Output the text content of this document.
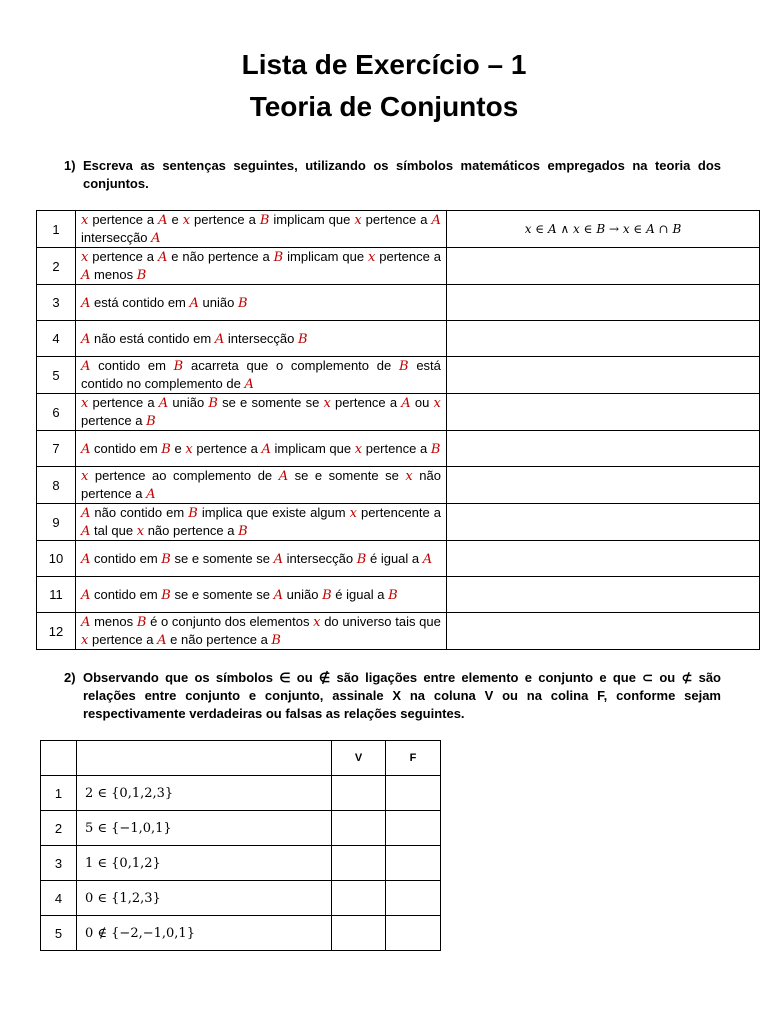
Lista de Exercício – 1
Teoria de Conjuntos
1) Escreva as sentenças seguintes, utilizando os símbolos matemáticos empregados na teoria dos conjuntos.
1	𝑥 pertence a 𝐴 e 𝑥 pertence a 𝐵 implicam que 𝑥 pertence a 𝐴 intersecção 𝐴	𝑥 ∈ 𝐴 ∧ 𝑥 ∈ 𝐵 → 𝑥 ∈ 𝐴 ∩ 𝐵
2	𝑥 pertence a 𝐴 e não pertence a 𝐵 implicam que 𝑥 pertence a 𝐴 menos 𝐵	
3	𝐴 está contido em 𝐴 união 𝐵	
4	𝐴 não está contido em 𝐴 intersecção 𝐵	
5	𝐴 contido em 𝐵 acarreta que o complemento de 𝐵 está contido no complemento de 𝐴	
6	𝑥 pertence a 𝐴 união 𝐵 se e somente se 𝑥 pertence a 𝐴 ou 𝑥 pertence a 𝐵	
7	𝐴 contido em 𝐵 e 𝑥 pertence a 𝐴 implicam que 𝑥 pertence a 𝐵	
8	𝑥 pertence ao complemento de 𝐴 se e somente se 𝑥 não pertence a 𝐴	
9	𝐴 não contido em 𝐵 implica que existe algum 𝑥 pertencente a 𝐴 tal que 𝑥 não pertence a 𝐵	
10	𝐴 contido em 𝐵 se e somente se 𝐴 intersecção 𝐵 é igual a 𝐴	
11	𝐴 contido em 𝐵 se e somente se 𝐴 união 𝐵 é igual a 𝐵	
12	𝐴 menos 𝐵 é o conjunto dos elementos 𝑥 do universo tais que 𝑥 pertence a 𝐴 e não pertence a 𝐵	
2) Observando que os símbolos ∈ ou ∉ são ligações entre elemento e conjunto e que ⊂ ou ⊄ são relações entre conjunto e conjunto, assinale X na coluna V ou na colina F, conforme sejam respectivamente verdadeiras ou falsas as relações seguintes.
		V	F
1	2 ∈ {0,1,2,3}		
2	5 ∈ {−1,0,1}		
3	1 ∈ {0,1,2}		
4	0 ∈ {1,2,3}		
5	0 ∉ {−2,−1,0,1}		
